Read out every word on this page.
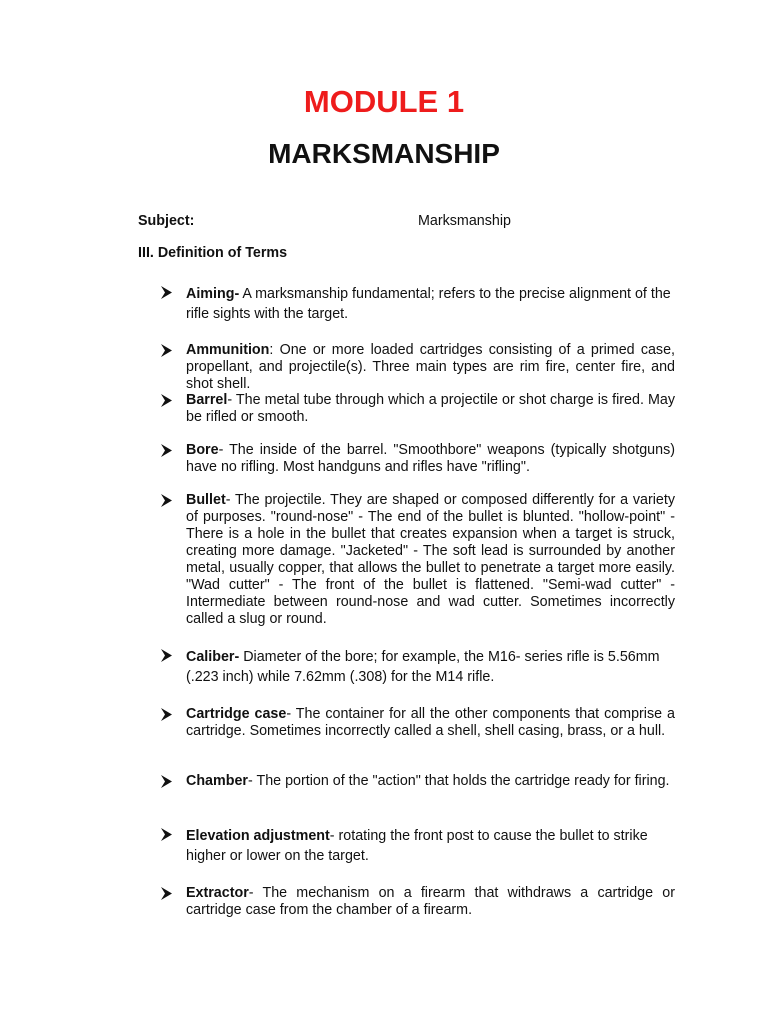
MODULE 1
MARKSMANSHIP
Subject:	Marksmanship
III. Definition of Terms

Aiming- A marksmanship fundamental; refers to the precise alignment of the rifle sights with the target.

Ammunition: One or more loaded cartridges consisting of a primed case, propellant, and projectile(s). Three main types are rim fire, center fire, and shot shell.

Barrel- The metal tube through which a projectile or shot charge is fired. May be rifled or smooth.

Bore- The inside of the barrel. "Smoothbore" weapons (typically shotguns) have no rifling. Most handguns and rifles have "rifling".

Bullet- The projectile. They are shaped or composed differently for a variety of purposes. "round-nose" - The end of the bullet is blunted. "hollow-point" - There is a hole in the bullet that creates expansion when a target is struck, creating more damage. "Jacketed" - The soft lead is surrounded by another metal, usually copper, that allows the bullet to penetrate a target more easily. "Wad cutter" - The front of the bullet is flattened. "Semi-wad cutter" - Intermediate between round-nose and wad cutter. Sometimes incorrectly called a slug or round.

Caliber- Diameter of the bore; for example, the M16- series rifle is 5.56mm (.223 inch) while 7.62mm (.308) for the M14 rifle.

Cartridge case- The container for all the other components that comprise a cartridge. Sometimes incorrectly called a shell, shell casing, brass, or a hull.

Chamber- The portion of the "action" that holds the cartridge ready for firing.

Elevation adjustment- rotating the front post to cause the bullet to strike higher or lower on the target.

Extractor- The mechanism on a firearm that withdraws a cartridge or cartridge case from the chamber of a firearm.
